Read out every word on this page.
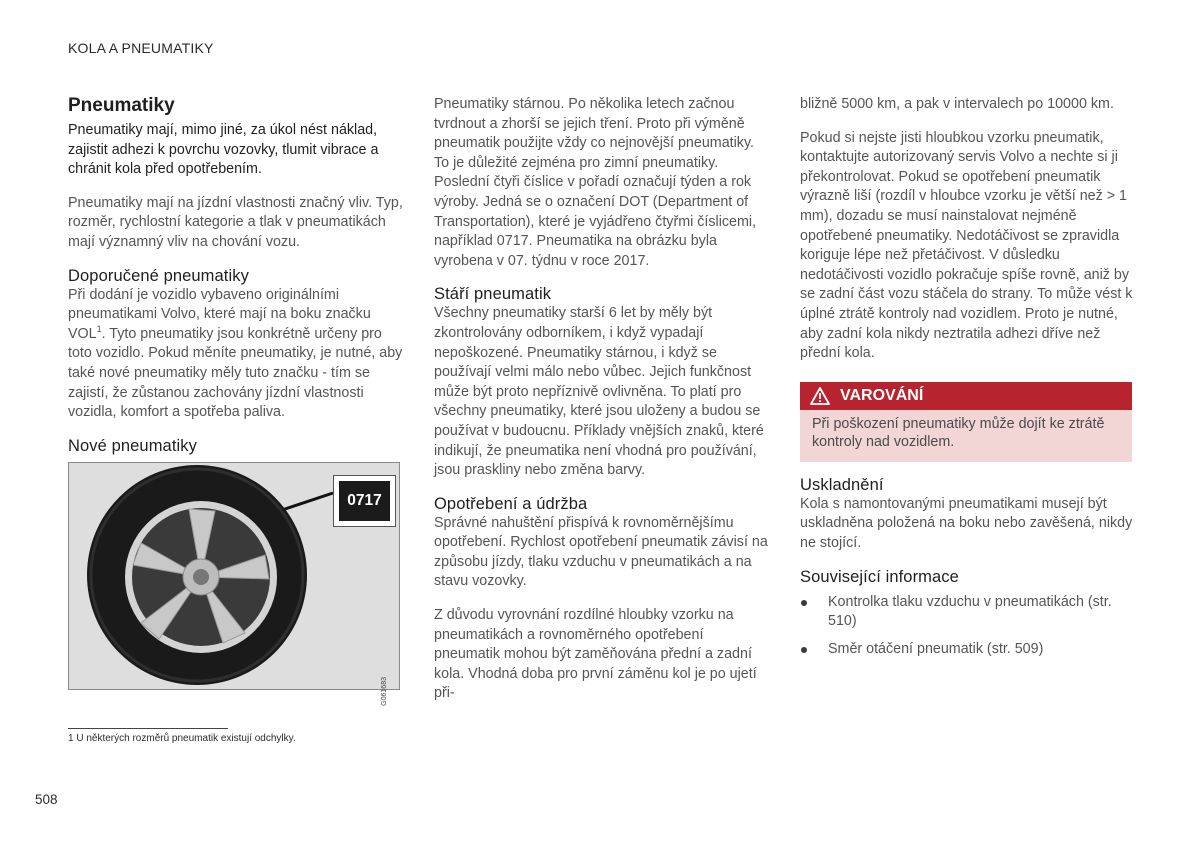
KOLA A PNEUMATIKY
Pneumatiky

Pneumatiky mají, mimo jiné, za úkol nést náklad, zajistit adhezi k povrchu vozovky, tlumit vibrace a chránit kola před opotřebením.

Pneumatiky mají na jízdní vlastnosti značný vliv. Typ, rozměr, rychlostní kategorie a tlak v pneumatikách mají významný vliv na chování vozu.

Doporučené pneumatiky

Při dodání je vozidlo vybaveno originálními pneumatikami Volvo, které mají na boku značku VOL$^1$. Tyto pneumatiky jsou konkrétně určeny pro toto vozidlo. Pokud měníte pneumatiky, je nutné, aby také nové pneumatiky měly tuto značku - tím se zajistí, že zůstanou zachovány jízdní vlastnosti vozidla, komfort a spotřeba paliva.

Nové pneumatiky
0717
G061683

Pneumatiky stárnou. Po několika letech začnou tvrdnout a zhorší se jejich tření. Proto při výměně pneumatik použijte vždy co nejnovější pneumatiky. To je důležité zejména pro zimní pneumatiky. Poslední čtyři číslice v pořadí označují týden a rok výroby. Jedná se o označení DOT (Department of Transportation), které je vyjádřeno čtyřmi číslicemi, například 0717. Pneumatika na obrázku byla vyrobena v 07. týdnu v roce 2017.

Stáří pneumatik

Všechny pneumatiky starší 6 let by měly být zkontrolovány odborníkem, i když vypadají nepoškozené. Pneumatiky stárnou, i když se používají velmi málo nebo vůbec. Jejich funkčnost může být proto nepříznivě ovlivněna. To platí pro všechny pneumatiky, které jsou uloženy a budou se používat v budoucnu. Příklady vnějších znaků, které indikují, že pneumatika není vhodná pro používání, jsou praskliny nebo změna barvy.

Opotřebení a údržba

Správné nahuštění přispívá k rovnoměrnějšímu opotřebení. Rychlost opotřebení pneumatik závisí na způsobu jízdy, tlaku vzduchu v pneumatikách a na stavu vozovky.

Z důvodu vyrovnání rozdílné hloubky vzorku na pneumatikách a rovnoměrného opotřebení pneumatik mohou být zaměňována přední a zadní kola. Vhodná doba pro první záměnu kol je po ujetí při-

bližně 5000 km, a pak v intervalech po 10000 km.

Pokud si nejste jisti hloubkou vzorku pneumatik, kontaktujte autorizovaný servis Volvo a nechte si ji překontrolovat. Pokud se opotřebení pneumatik výrazně liší (rozdíl v hloubce vzorku je větší než > 1 mm), dozadu se musí nainstalovat nejméně opotřebené pneumatiky. Nedotáčivost se zpravidla koriguje lépe než přetáčivost. V důsledku nedotáčivosti vozidlo pokračuje spíše rovně, aniž by se zadní část vozu stáčela do strany. To může vést k úplné ztrátě kontroly nad vozidlem. Proto je nutné, aby zadní kola nikdy neztratila adhezi dříve než přední kola.

VAROVÁNÍ

Při poškození pneumatiky může dojít ke ztrátě kontroly nad vozidlem.

Uskladnění

Kola s namontovanými pneumatikami musejí být uskladněna položená na boku nebo zavěšená, nikdy ne stojící.

Související informace
Kontrolka tlaku vzduchu v pneumatikách (str. 510)
Směr otáčení pneumatik (str. 509)
1 U některých rozměrů pneumatik existují odchylky.
508
